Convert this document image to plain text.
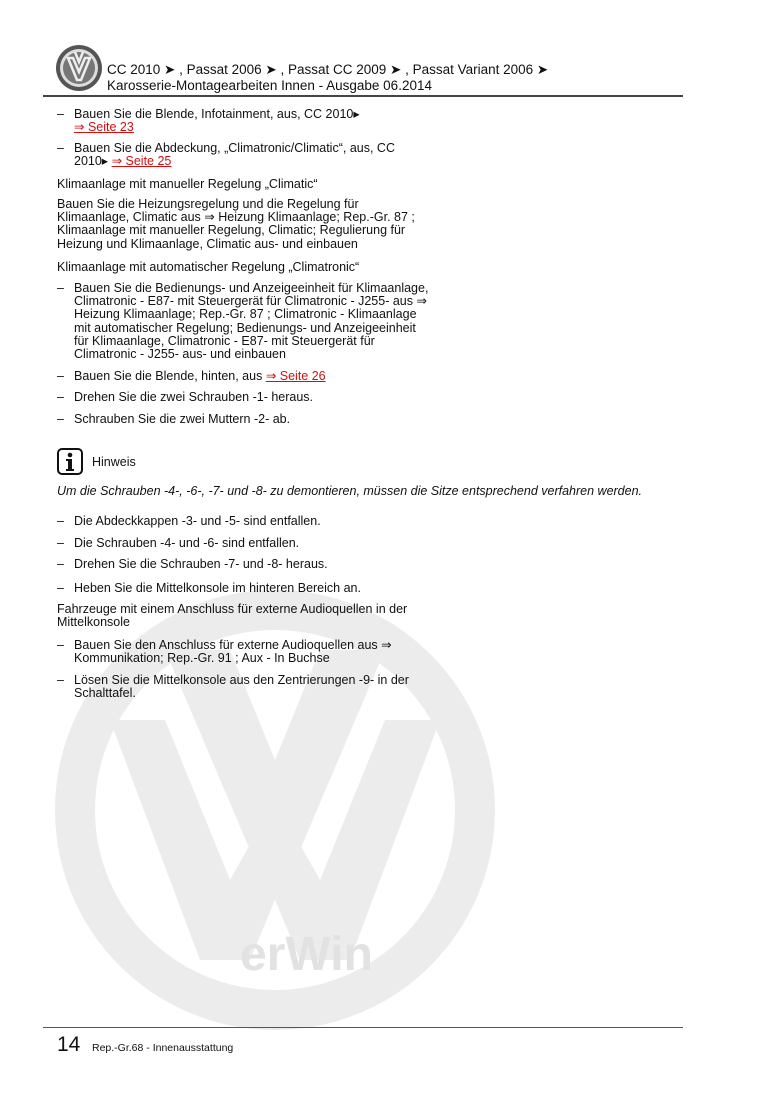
erWin
CC 2010 ➤ , Passat 2006 ➤ , Passat CC 2009 ➤ , Passat Variant 2006 ➤
Karosserie-Montagearbeiten Innen - Ausgabe 06.2014
– Bauen Sie die Blende, Infotainment, aus, CC 2010▸
⇒ Seite 23
– Bauen Sie die Abdeckung, „Climatronic/Climatic“, aus, CC 2010▸ ⇒ Seite 25
Klimaanlage mit manueller Regelung „Climatic“
Bauen Sie die Heizungsregelung und die Regelung für Klimaanlage, Climatic aus ⇒ Heizung Klimaanlage; Rep.-Gr. 87 ; Klimaanlage mit manueller Regelung, Climatic; Regulierung für Heizung und Klimaanlage, Climatic aus- und einbauen
Klimaanlage mit automatischer Regelung „Climatronic“
– Bauen Sie die Bedienungs- und Anzeigeeinheit für Klimaanlage, Climatronic - E87- mit Steuergerät für Climatronic - J255- aus ⇒ Heizung Klimaanlage; Rep.-Gr. 87 ; Climatronic - Klimaanlage mit automatischer Regelung; Bedienungs- und Anzeigeeinheit für Klimaanlage, Climatronic - E87- mit Steuergerät für Climatronic - J255- aus- und einbauen
– Bauen Sie die Blende, hinten, aus ⇒ Seite 26
– Drehen Sie die zwei Schrauben -1- heraus.
– Schrauben Sie die zwei Muttern -2- ab.
Hinweis
Um die Schrauben -4-, -6-, -7- und -8- zu demontieren, müssen die Sitze entsprechend verfahren werden.
– Die Abdeckkappen -3- und -5- sind entfallen.
– Die Schrauben -4- und -6- sind entfallen.
– Drehen Sie die Schrauben -7- und -8- heraus.
– Heben Sie die Mittelkonsole im hinteren Bereich an.
Fahrzeuge mit einem Anschluss für externe Audioquellen in der Mittelkonsole
– Bauen Sie den Anschluss für externe Audioquellen aus ⇒ Kommunikation; Rep.-Gr. 91 ; Aux - In Buchse
– Lösen Sie die Mittelkonsole aus den Zentrierungen -9- in der Schalttafel.
14 Rep.-Gr.68 - Innenausstattung
